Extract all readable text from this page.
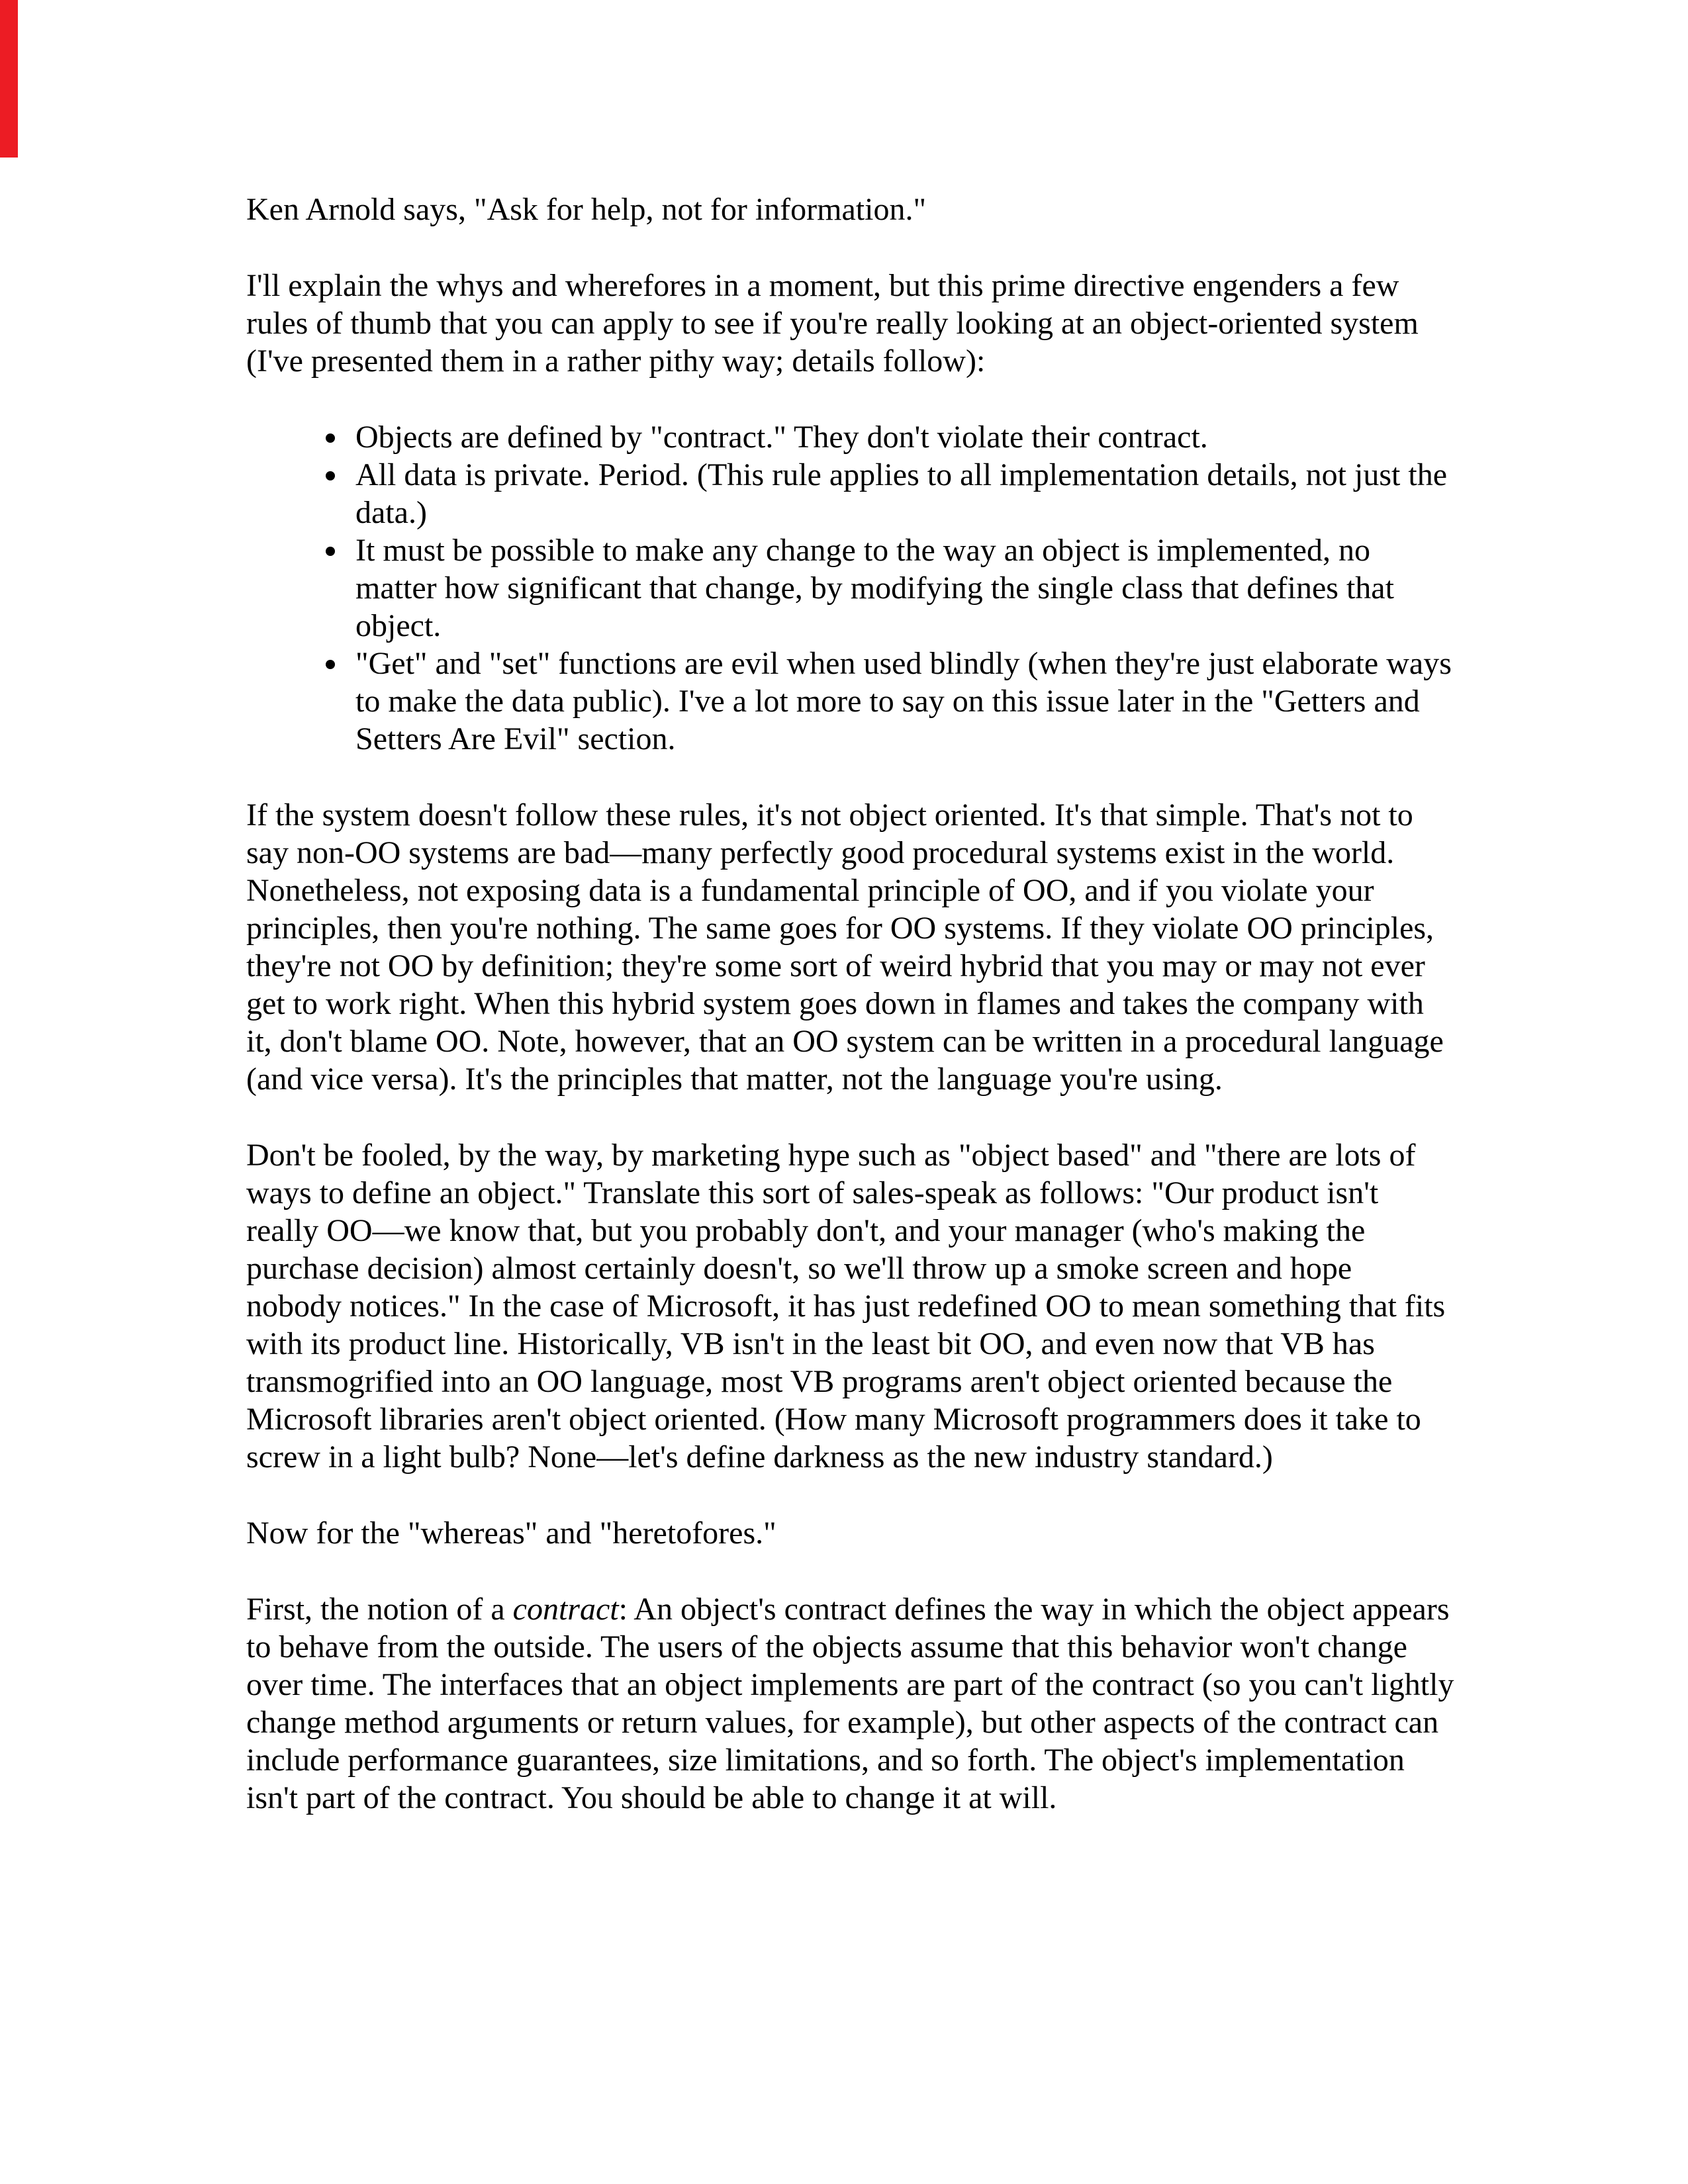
Ken Arnold says, "Ask for help, not for information."

I'll explain the whys and wherefores in a moment, but this prime directive engenders a few rules of thumb that you can apply to see if you're really looking at an object-oriented system (I've presented them in a rather pithy way; details follow):

• Objects are defined by "contract." They don't violate their contract.
• All data is private. Period. (This rule applies to all implementation details, not just the data.)
• It must be possible to make any change to the way an object is implemented, no matter how significant that change, by modifying the single class that defines that object.
• "Get" and "set" functions are evil when used blindly (when they're just elaborate ways to make the data public). I've a lot more to say on this issue later in the "Getters and Setters Are Evil" section.

If the system doesn't follow these rules, it's not object oriented. It's that simple. That's not to say non-OO systems are bad—many perfectly good procedural systems exist in the world. Nonetheless, not exposing data is a fundamental principle of OO, and if you violate your principles, then you're nothing. The same goes for OO systems. If they violate OO principles, they're not OO by definition; they're some sort of weird hybrid that you may or may not ever get to work right. When this hybrid system goes down in flames and takes the company with it, don't blame OO. Note, however, that an OO system can be written in a procedural language (and vice versa). It's the principles that matter, not the language you're using.

Don't be fooled, by the way, by marketing hype such as "object based" and "there are lots of ways to define an object." Translate this sort of sales-speak as follows: "Our product isn't really OO—we know that, but you probably don't, and your manager (who's making the purchase decision) almost certainly doesn't, so we'll throw up a smoke screen and hope nobody notices." In the case of Microsoft, it has just redefined OO to mean something that fits with its product line. Historically, VB isn't in the least bit OO, and even now that VB has transmogrified into an OO language, most VB programs aren't object oriented because the Microsoft libraries aren't object oriented. (How many Microsoft programmers does it take to screw in a light bulb? None—let's define darkness as the new industry standard.)

Now for the "whereas" and "heretofores."

First, the notion of a contract: An object's contract defines the way in which the object appears to behave from the outside. The users of the objects assume that this behavior won't change over time. The interfaces that an object implements are part of the contract (so you can't lightly change method arguments or return values, for example), but other aspects of the contract can include performance guarantees, size limitations, and so forth. The object's implementation isn't part of the contract. You should be able to change it at will.
